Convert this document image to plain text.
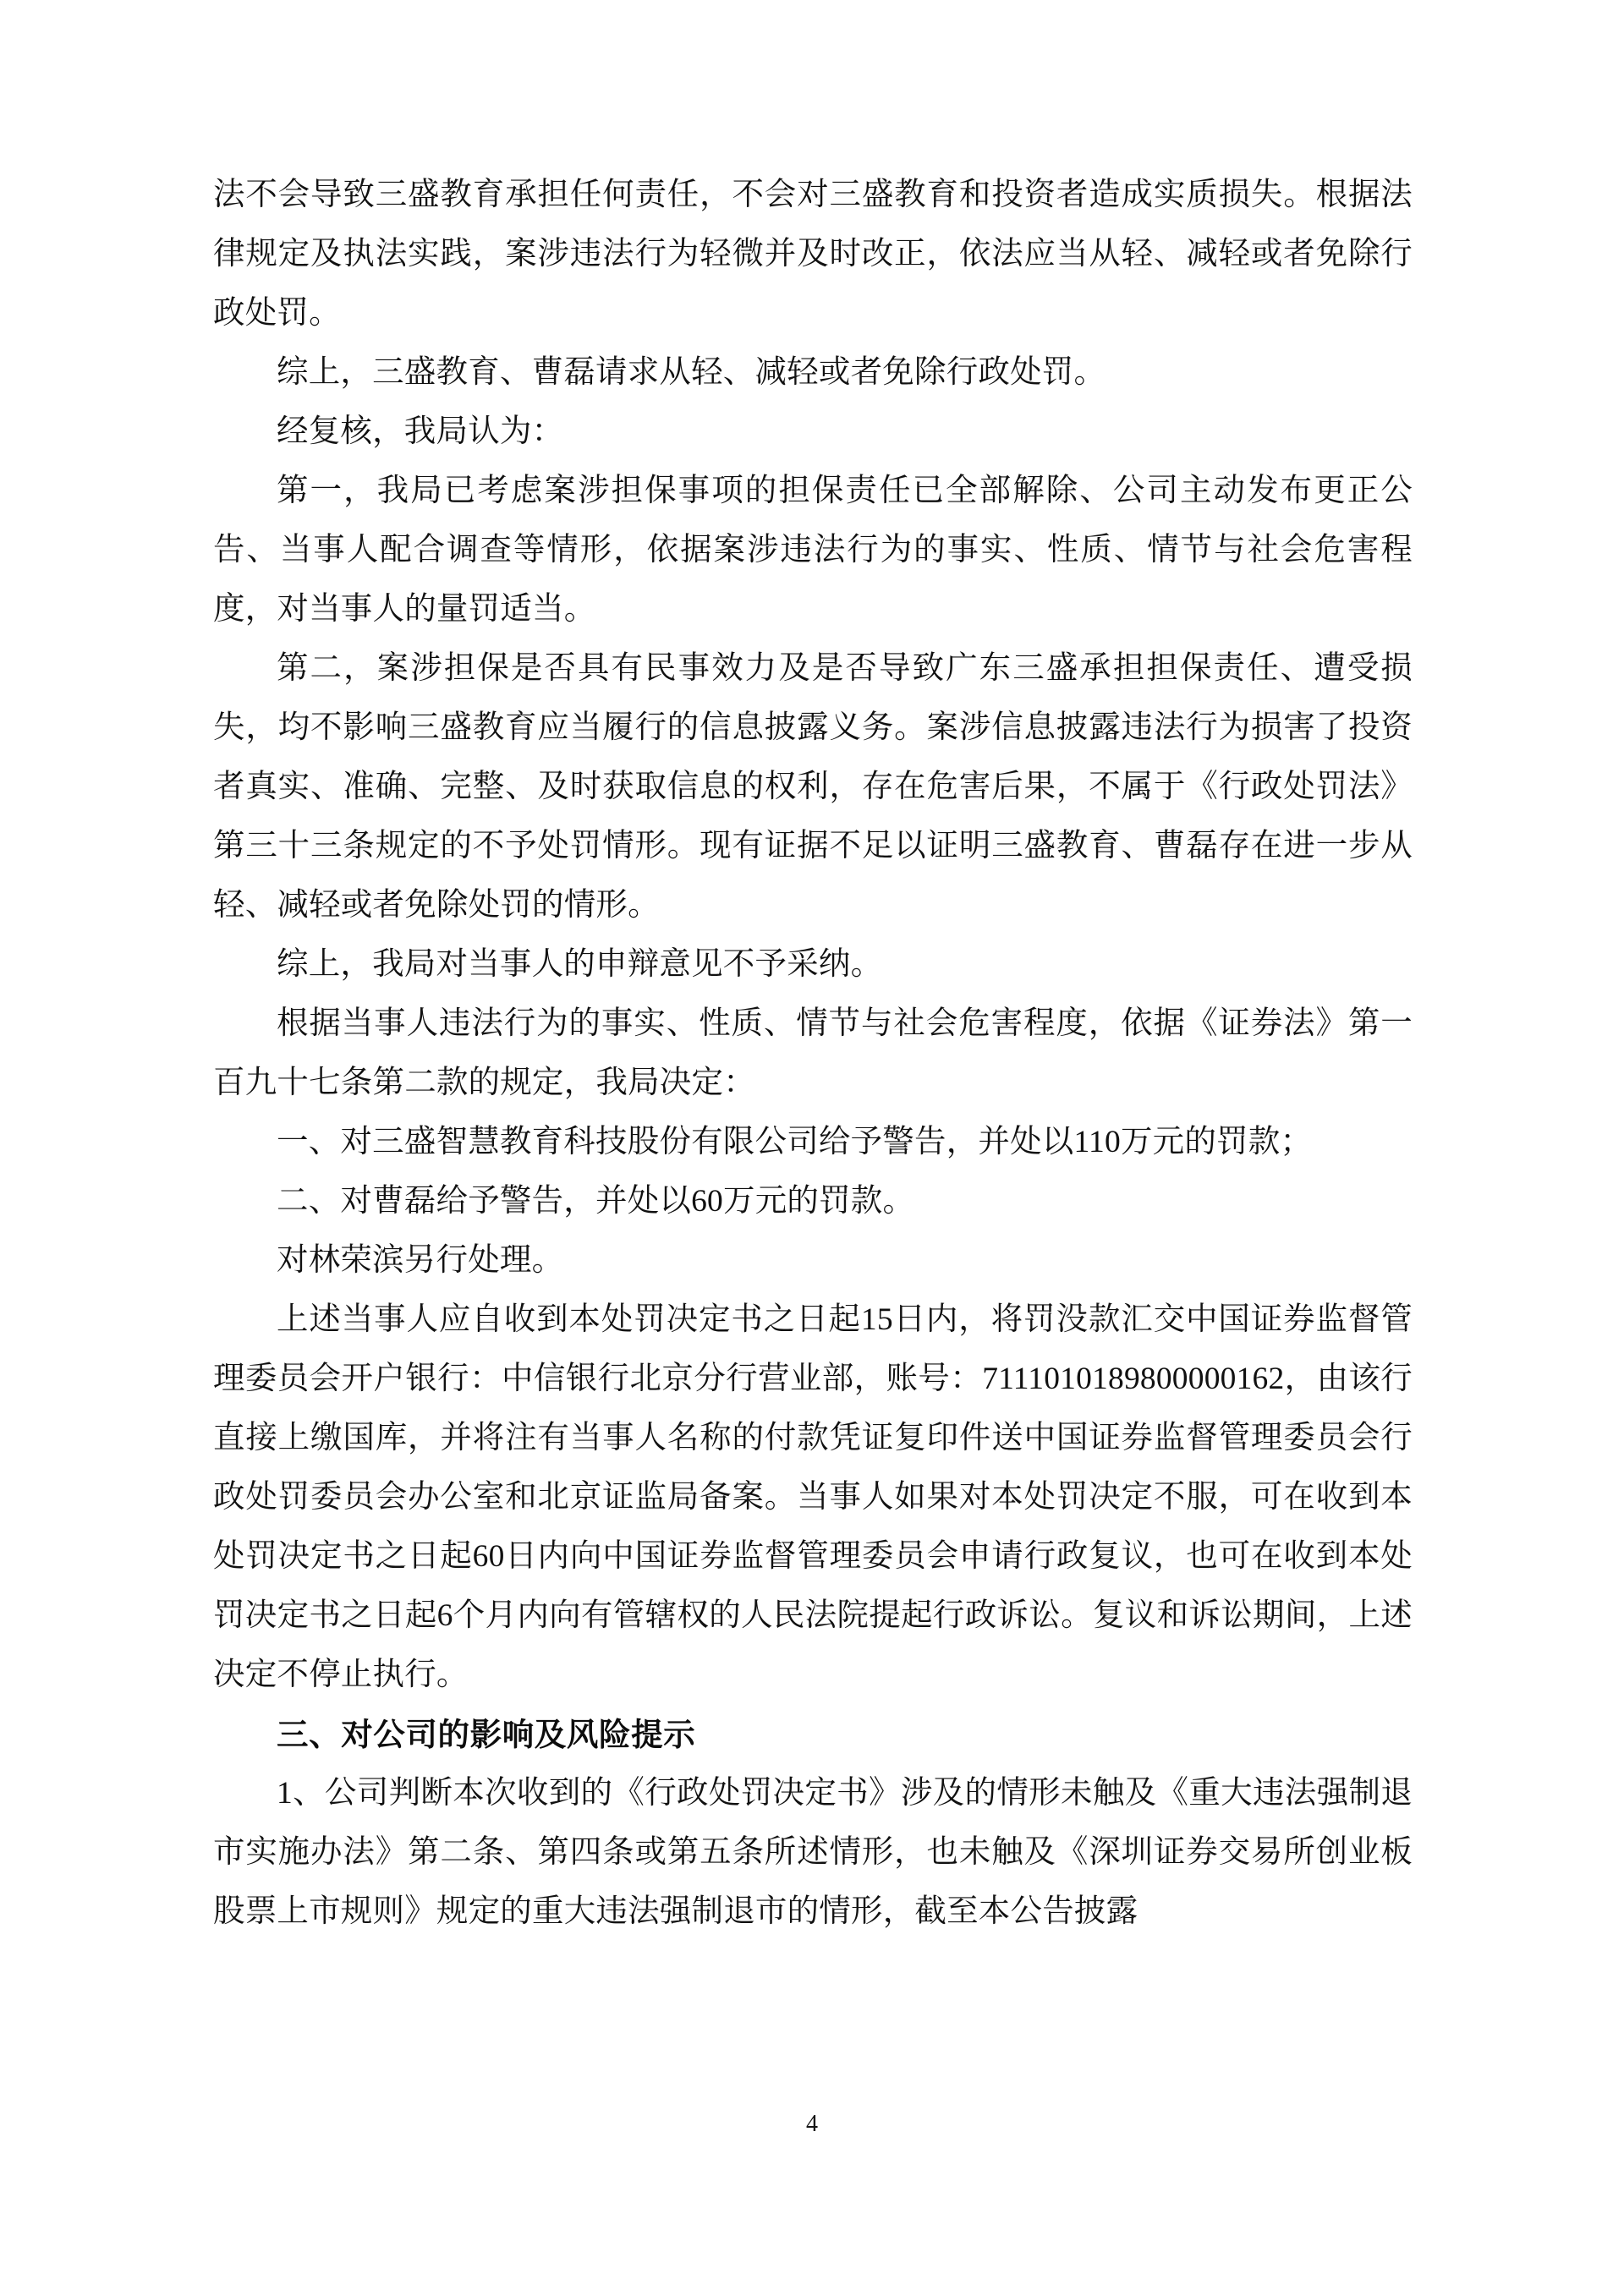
法不会导致三盛教育承担任何责任，不会对三盛教育和投资者造成实质损失。根据法律规定及执法实践，案涉违法行为轻微并及时改正，依法应当从轻、减轻或者免除行政处罚。

综上，三盛教育、曹磊请求从轻、减轻或者免除行政处罚。

经复核，我局认为：

第一，我局已考虑案涉担保事项的担保责任已全部解除、公司主动发布更正公告、当事人配合调查等情形，依据案涉违法行为的事实、性质、情节与社会危害程度，对当事人的量罚适当。

第二，案涉担保是否具有民事效力及是否导致广东三盛承担担保责任、遭受损失，均不影响三盛教育应当履行的信息披露义务。案涉信息披露违法行为损害了投资者真实、准确、完整、及时获取信息的权利，存在危害后果，不属于《行政处罚法》第三十三条规定的不予处罚情形。现有证据不足以证明三盛教育、曹磊存在进一步从轻、减轻或者免除处罚的情形。

综上，我局对当事人的申辩意见不予采纳。

根据当事人违法行为的事实、性质、情节与社会危害程度，依据《证券法》第一百九十七条第二款的规定，我局决定：

一、对三盛智慧教育科技股份有限公司给予警告，并处以110万元的罚款；

二、对曹磊给予警告，并处以60万元的罚款。

对林荣滨另行处理。

上述当事人应自收到本处罚决定书之日起15日内，将罚没款汇交中国证券监督管理委员会开户银行：中信银行北京分行营业部，账号：7111010189800000162，由该行直接上缴国库，并将注有当事人名称的付款凭证复印件送中国证券监督管理委员会行政处罚委员会办公室和北京证监局备案。当事人如果对本处罚决定不服，可在收到本处罚决定书之日起60日内向中国证券监督管理委员会申请行政复议，也可在收到本处罚决定书之日起6个月内向有管辖权的人民法院提起行政诉讼。复议和诉讼期间，上述决定不停止执行。

三、对公司的影响及风险提示

1、公司判断本次收到的《行政处罚决定书》涉及的情形未触及《重大违法强制退市实施办法》第二条、第四条或第五条所述情形，也未触及《深圳证券交易所创业板股票上市规则》规定的重大违法强制退市的情形，截至本公告披露

4
